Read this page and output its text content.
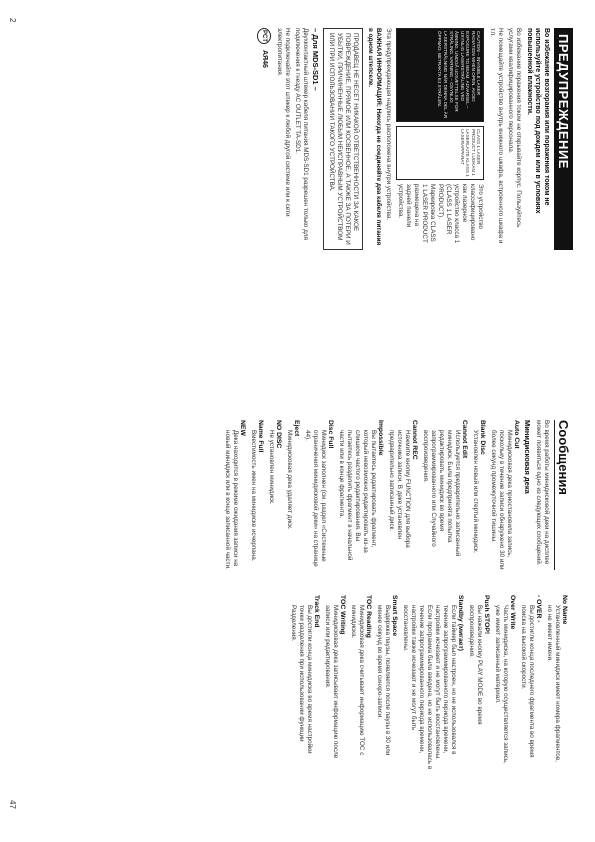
ПРЕДУПРЕЖДЕНИЕ

Во избежание возгорания или поражения током не используйте устройство под дождем или в условиях повышенной влажности.

Во избежание поражения током не открывайте корпус. Пользуйтесь услугами квалифицированного персонала.

Не помещайте устройство внутрь книжного шкафа, встроенного шкафа и т.п.

CAUTION – INVISIBLE LASER RADIATION WHEN OPEN. AVOID EXPOSURE TO BEAM. ADVARSEL – USYNLIG LASERSTRÅLING VED ÅBNING. UNDGÅ UDSÆTTELSE FOR STRÅLING. VARNING – OSYNLIG LASERSTRÅLNING NÄR DENNA DEL ÄR ÖPPNAD. BETRAKTA EJ STRÅLEN.
CLASS 1 LASER PRODUCT LUOKAN 1 LASERLAITE KLASS 1 LASERAPPARAT
Это устройство классифицировано как лазерное устройство класса 1 (CLASS 1 LASER PRODUCT). Маркировка CLASS 1 LASER PRODUCT размещена на задней панели устройства.

Эта предупреждающая надпись расположена внутри устройства.

ВАЖНАЯ ИНФОРМАЦИЯ: Никогда не соединяйте два кабеля питания в одном штепселе.

ПРОДАВЕЦ НЕ НЕСЕТ НИКАКОЙ ОТВЕТСТВЕННОСТИ ЗА КАКОЕ ПОВРЕЖДЕНИЕ, ПРЯМОЕ ИЛИ КОСВЕННОЕ, А ТАКЖЕ ЗА ПОТЕРИ И УБЫТКИ, ПРИЧИНЕННЫЕ ЛЮБЫМ НЕИСПРАВНЫМ УСТРОЙСТВОМ ИЛИ ПРИ ИСПОЛЬЗОВАНИИ ТАКОГО УСТРОЙСТВА.

– Для MDS-SD1 –

Двухконтактный штекер кабеля питания MDS-SD1 разрешен только для подключения к гнезду AC OUTLET TA-SD1.

Не подключайте этот штекер к любой другой системе или к сети электропитания.

PCT
АЯ46
2
Сообщения

Во время работы минидисковой деки на дисплее может появиться одно из следующих сообщений.

Минидисковая дека
Auto Cut

Минидисковая дека приостановила запись, поскольку в течение записи обнаружено 30 или более секунд промежуточной тишины.

Blank Disc

Установлен новый или стертый минидиск.

Cannot Edit

Используется предварительно записанный минидиск. Была предпринята попытка редактировать минидиск во время запрограммированного или Случайного воспроизведения.

Cannot REC

Нажмите кнопку FUNCTION для выбора источника записи. В деке установлен предварительно записанный диск.

Impossible

Вы пытаетесь редактировать фрагмент, который невозможно редактировать из-за слишком частого редактирования. Вы пытаетесь разделить фрагмент в начальной части или в конце фрагмента.

Disc Full

Минидиск заполнен (см. раздел «Системные ограничения минидисковой деки» на странице 44).

Eject

Минидисковая дека удаляет диск.

NO DISC

Не установлен минидиск.

Name Full

Вместимость имен на минидиске исчерпана.

NEW

Дека находится в режиме ожидания записи на новый минидиск или в конце записанной части.

No Name

Установленный минидиск имеет номера фрагментов, но не имеет имени.

- OVER -

Вы достигли конца последнего фрагмента во время поиска на высокой скорости.

Over Write

Часть минидиска, на которую осуществляется запись, уже имеет записанный материал.

Push STOP!

Вы нажали кнопку PLAY MODE во время воспроизведения.

Standby (мигает)

Если таймер был настроен, но не использовался в течение запрограммированного периода времени, настройки исчезают и не могут быть восстановлены. Если программа была введена, но не использовалась в течение запрограммированного периода времени, настройки также исчезают и не могут быть восстановлены.

Smart Space

Выдержка паузы, появляется после паузы в 30 или менее секунд во время синхро-записи.

TOC Reading

Минидисковая дека считывает информацию TOC с минидиска.

TOC Writing

Минидисковая дека записывает информацию после записи или редактирования.

Track End

Вы достигли конца минидиска во время настройки точки разделения при использовании функции Разделения.

47
